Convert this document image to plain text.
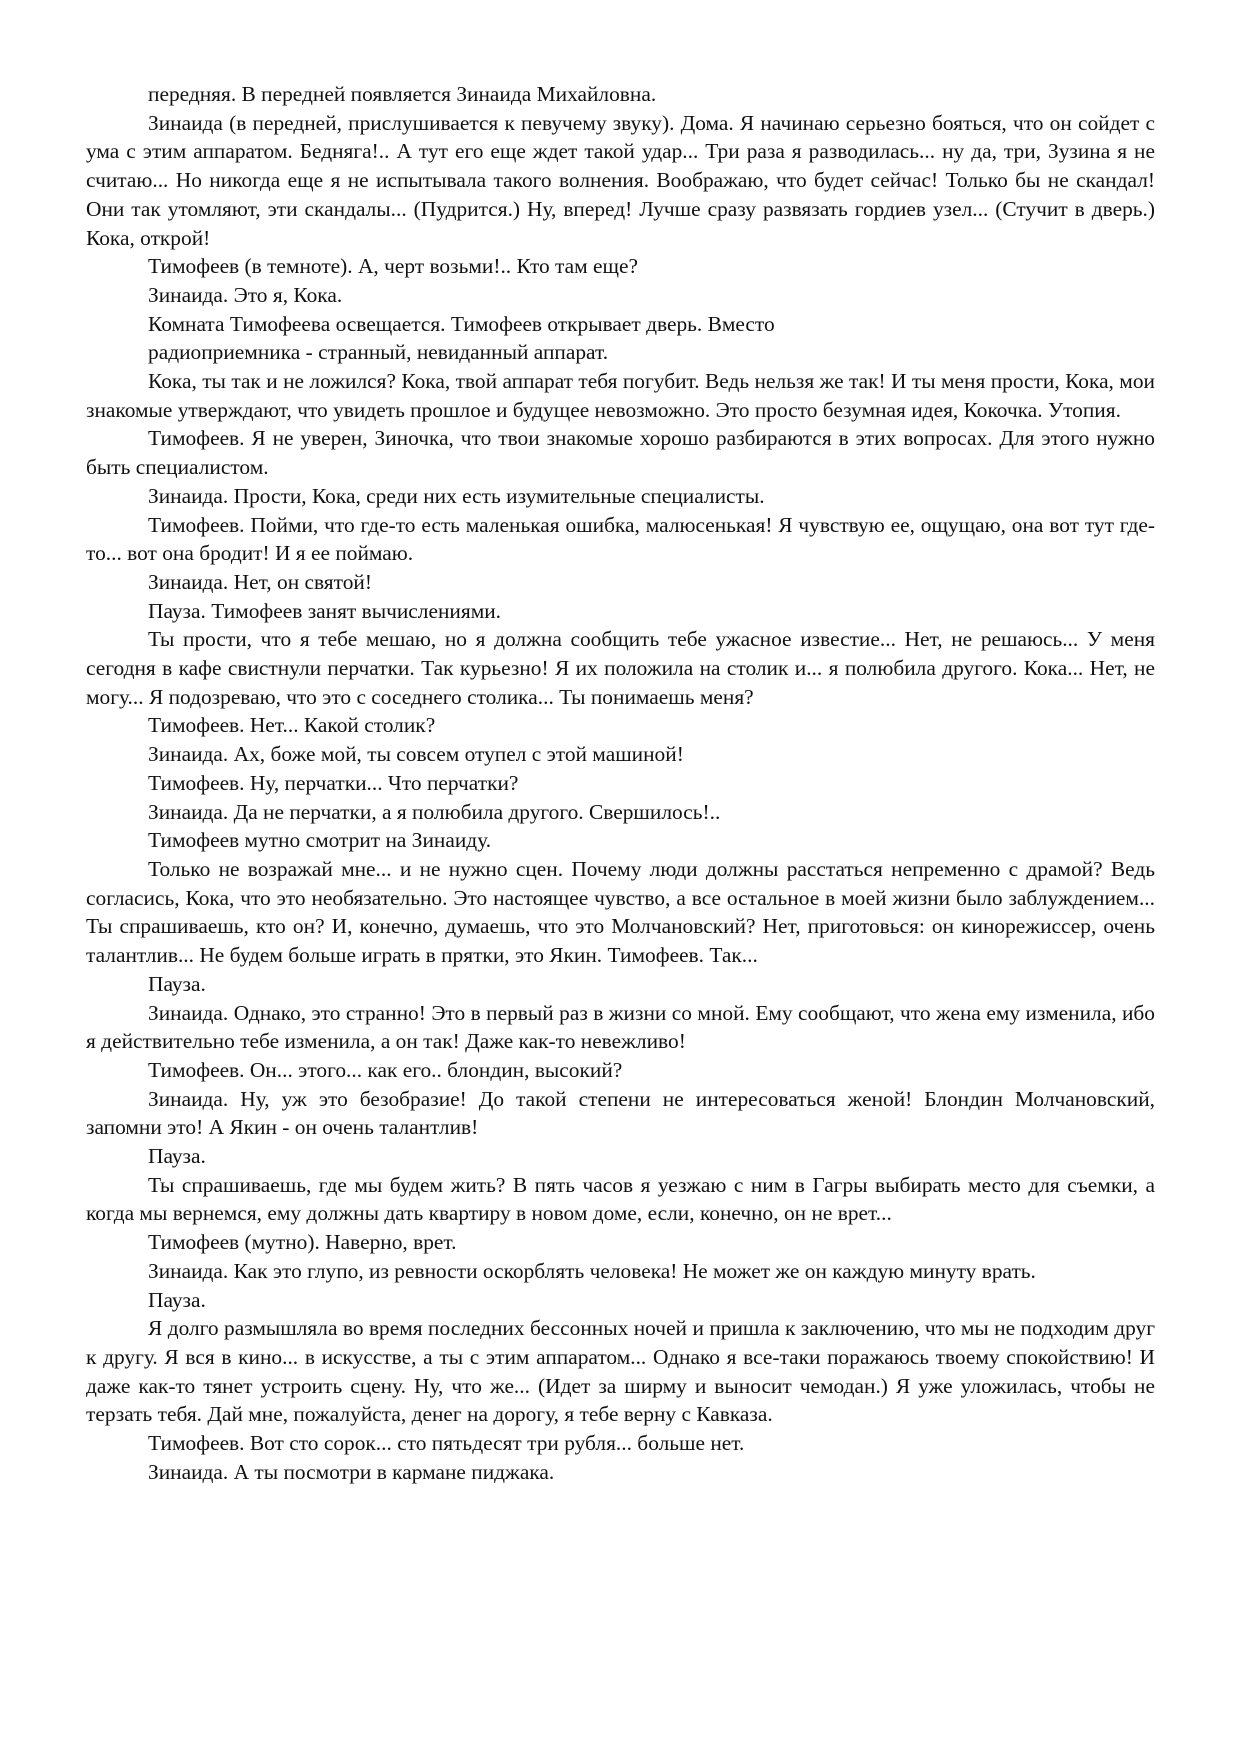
передняя. В передней появляется Зинаида Михайловна.

Зинаида (в передней, прислушивается к певучему звуку). Дома. Я начинаю серьезно бояться, что он сойдет с ума с этим аппаратом. Бедняга!.. А тут его еще ждет такой удар... Три раза я разводилась... ну да, три, Зузина я не считаю... Но никогда еще я не испытывала такого волнения. Воображаю, что будет сейчас! Только бы не скандал! Они так утомляют, эти скандалы... (Пудрится.) Ну, вперед! Лучше сразу развязать гордиев узел... (Стучит в дверь.) Кока, открой!

Тимофеев (в темноте). А, черт возьми!.. Кто там еще?

Зинаида. Это я, Кока.

Комната Тимофеева освещается. Тимофеев открывает дверь. Вместо

радиоприемника - странный, невиданный аппарат.

Кока, ты так и не ложился? Кока, твой аппарат тебя погубит. Ведь нельзя же так! И ты меня прости, Кока, мои знакомые утверждают, что увидеть прошлое и будущее невозможно. Это просто безумная идея, Кокочка. Утопия.

Тимофеев. Я не уверен, Зиночка, что твои знакомые хорошо разбираются в этих вопросах. Для этого нужно быть специалистом.

Зинаида. Прости, Кока, среди них есть изумительные специалисты.

Тимофеев. Пойми, что где-то есть маленькая ошибка, малюсенькая! Я чувствую ее, ощущаю, она вот тут где-то... вот она бродит! И я ее поймаю.

Зинаида. Нет, он святой!

Пауза. Тимофеев занят вычислениями.

Ты прости, что я тебе мешаю, но я должна сообщить тебе ужасное известие... Нет, не решаюсь... У меня сегодня в кафе свистнули перчатки. Так курьезно! Я их положила на столик и... я полюбила другого. Кока... Нет, не могу... Я подозреваю, что это с соседнего столика... Ты понимаешь меня?

Тимофеев. Нет... Какой столик?

Зинаида. Ах, боже мой, ты совсем отупел с этой машиной!

Тимофеев. Ну, перчатки... Что перчатки?

Зинаида. Да не перчатки, а я полюбила другого. Свершилось!..

Тимофеев мутно смотрит на Зинаиду.

Только не возражай мне... и не нужно сцен. Почему люди должны расстаться непременно с драмой? Ведь согласись, Кока, что это необязательно. Это настоящее чувство, а все остальное в моей жизни было заблуждением... Ты спрашиваешь, кто он? И, конечно, думаешь, что это Молчановский? Нет, приготовься: он кинорежиссер, очень талантлив... Не будем больше играть в прятки, это Якин. Тимофеев. Так...

Пауза.

Зинаида. Однако, это странно! Это в первый раз в жизни со мной. Ему сообщают, что жена ему изменила, ибо я действительно тебе изменила, а он так! Даже как-то невежливо!

Тимофеев. Он... этого... как его.. блондин, высокий?

Зинаида. Ну, уж это безобразие! До такой степени не интересоваться женой! Блондин Молчановский, запомни это! А Якин - он очень талантлив!

Пауза.

Ты спрашиваешь, где мы будем жить? В пять часов я уезжаю с ним в Гагры выбирать место для съемки, а когда мы вернемся, ему должны дать квартиру в новом доме, если, конечно, он не врет...

Тимофеев (мутно). Наверно, врет.

Зинаида. Как это глупо, из ревности оскорблять человека! Не может же он каждую минуту врать.

Пауза.

Я долго размышляла во время последних бессонных ночей и пришла к заключению, что мы не подходим друг к другу. Я вся в кино... в искусстве, а ты с этим аппаратом... Однако я все-таки поражаюсь твоему спокойствию! И даже как-то тянет устроить сцену. Ну, что же... (Идет за ширму и выносит чемодан.) Я уже уложилась, чтобы не терзать тебя. Дай мне, пожалуйста, денег на дорогу, я тебе верну с Кавказа.

Тимофеев. Вот сто сорок... сто пятьдесят три рубля... больше нет.

Зинаида. А ты посмотри в кармане пиджака.
